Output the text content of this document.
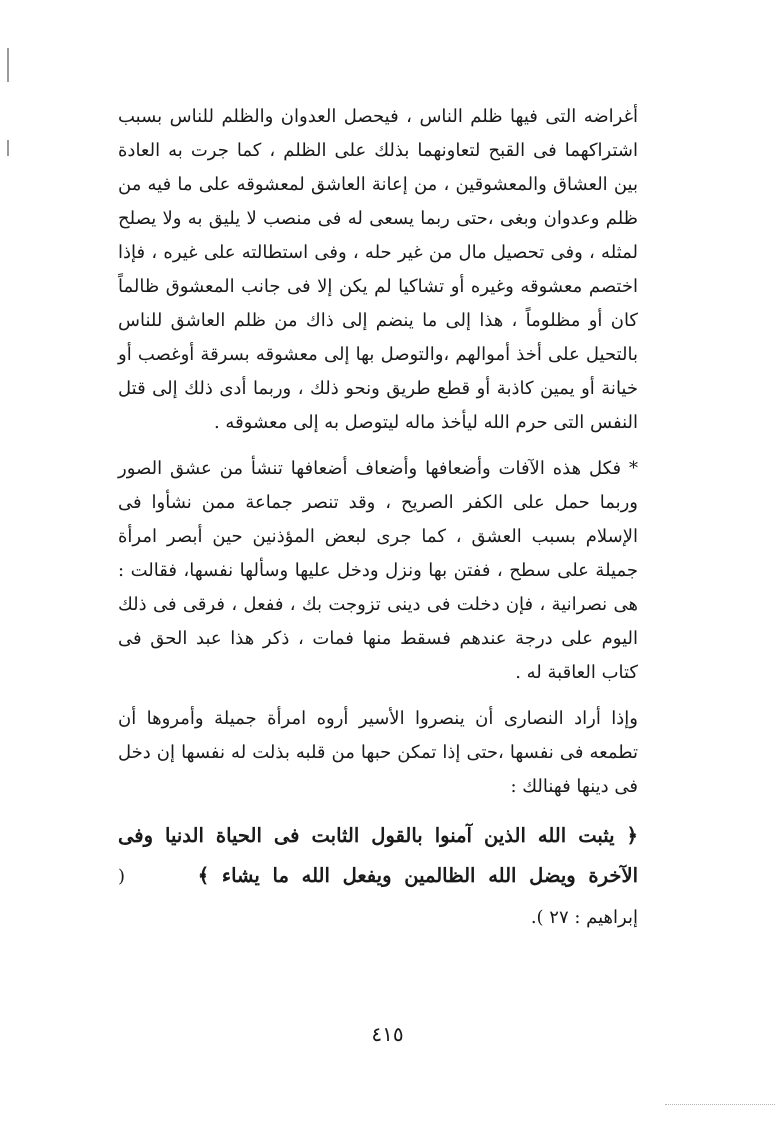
أغراضه التى فيها ظلم الناس ، فيحصل العدوان والظلم للناس بسبب اشتراكهما فى القبح لتعاونهما بذلك على الظلم ، كما جرت به العادة بين العشاق والمعشوقين ، من إعانة العاشق لمعشوقه على ما فيه من ظلم وعدوان وبغى ،حتى ربما يسعى له فى منصب لا يليق به ولا يصلح لمثله ، وفى تحصيل مال من غير حله ، وفى استطالته على غيره ، فإذا اختصم معشوقه وغيره أو تشاكيا لم يكن إلا فى جانب المعشوق ظالماً كان أو مظلوماً ، هذا إلى ما ينضم إلى ذاك من ظلم العاشق للناس بالتحيل على أخذ أموالهم ،والتوصل بها إلى معشوقه بسرقة أوغصب أو خيانة أو يمين كاذبة أو قطع طريق ونحو ذلك ، وربما أدى ذلك إلى قتل النفس التى حرم الله ليأخذ ماله ليتوصل به إلى معشوقه .

* فكل هذه الآفات وأضعافها وأضعاف أضعافها تنشأ من عشق الصور وربما حمل على الكفر الصريح ، وقد تنصر جماعة ممن نشأوا فى الإسلام بسبب العشق ، كما جرى لبعض المؤذنين حين أبصر امرأة جميلة على سطح ، ففتن بها ونزل ودخل عليها وسألها نفسها، فقالت : هى نصرانية ، فإن دخلت فى دينى تزوجت بك ، ففعل ، فرقى فى ذلك اليوم على درجة عندهم فسقط منها فمات ، ذكر هذا عبد الحق فى كتاب العاقبة له .

وإذا أراد النصارى أن ينصروا الأسير أروه امرأة جميلة وأمروها أن تطمعه فى نفسها ،حتى إذا تمكن حبها من قلبه بذلت له نفسها إن دخل فى دينها فهنالك :

﴿ يثبت الله الذين آمنوا بالقول الثابت فى الحياة الدنيا وفى الآخرة ويضل الله الظالمين ويفعل الله ما يشاء ﴾ ( إبراهيم : ٢٧ ).

٤١٥
